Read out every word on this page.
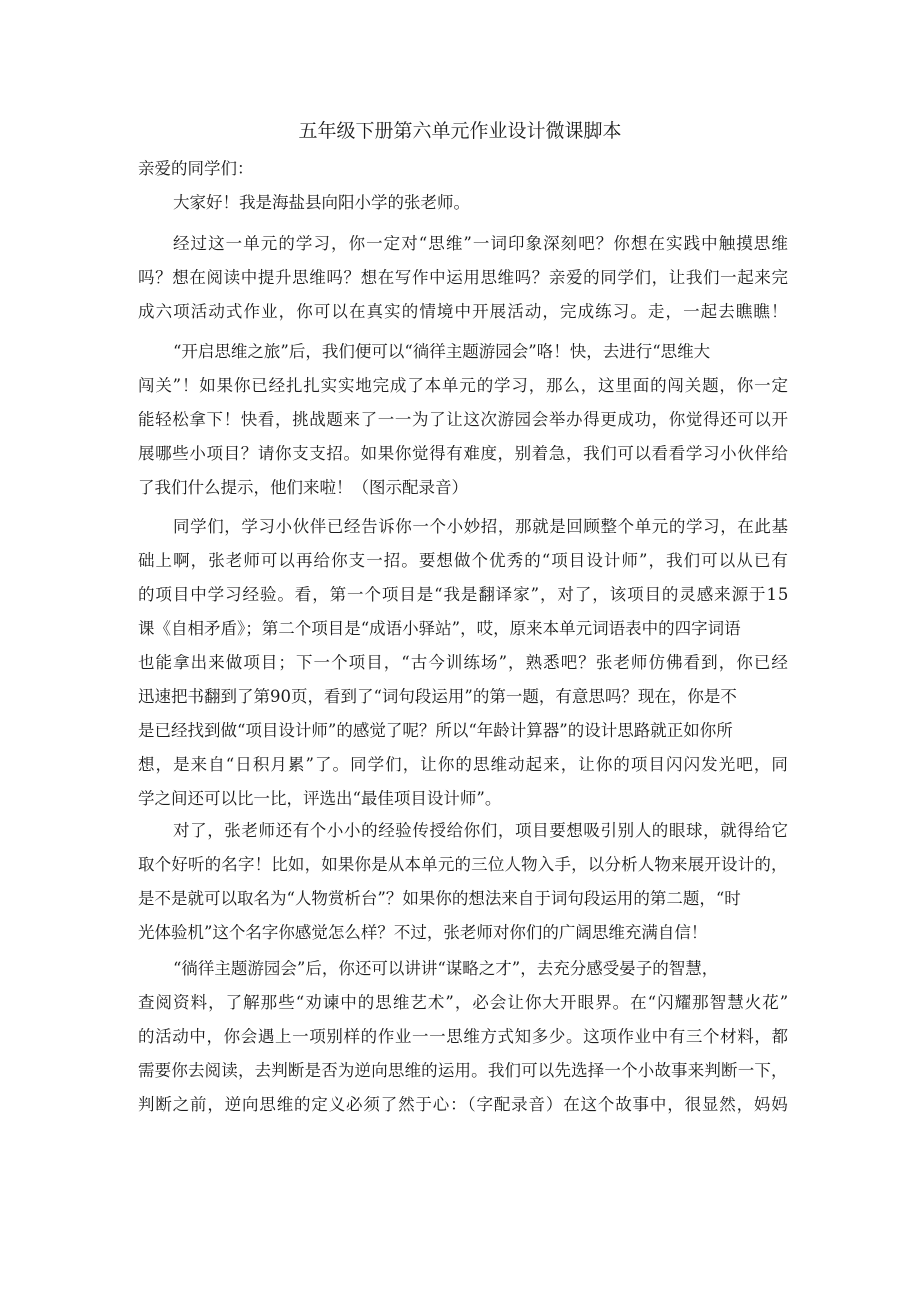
五年级下册第六单元作业设计微课脚本
亲爱的同学们：
大家好！我是海盐县向阳小学的张老师。
经过这一单元的学习，你一定对“思维”一词印象深刻吧？你想在实践中触摸思维
吗？想在阅读中提升思维吗？想在写作中运用思维吗？亲爱的同学们，让我们一起来完
成六项活动式作业，你可以在真实的情境中开展活动，完成练习。走，一起去瞧瞧！
“开启思维之旅”后，我们便可以“徜徉主题游园会”咯！快，去进行“思维大
闯关”！如果你已经扎扎实实地完成了本单元的学习，那么，这里面的闯关题，你一定
能轻松拿下！快看，挑战题来了一一为了让这次游园会举办得更成功，你觉得还可以开
展哪些小项目？请你支支招。如果你觉得有难度，别着急，我们可以看看学习小伙伴给
了我们什么提示，他们来啦！（图示配录音）
同学们，学习小伙伴已经告诉你一个小妙招，那就是回顾整个单元的学习，在此基
础上啊，张老师可以再给你支一招。要想做个优秀的“项目设计师”，我们可以从已有
的项目中学习经验。看，第一个项目是“我是翻译家”，对了，该项目的灵感来源于15
课《自相矛盾》；第二个项目是“成语小驿站”，哎，原来本单元词语表中的四字词语
也能拿出来做项目；下一个项目，“古今训练场”，熟悉吧？张老师仿佛看到，你已经
迅速把书翻到了第90页，看到了“词句段运用”的第一题，有意思吗？现在，你是不
是已经找到做“项目设计师”的感觉了呢？所以“年龄计算器”的设计思路就正如你所
想，是来自“日积月累”了。同学们，让你的思维动起来，让你的项目闪闪发光吧，同
学之间还可以比一比，评选出“最佳项目设计师”。
对了，张老师还有个小小的经验传授给你们，项目要想吸引别人的眼球，就得给它
取个好听的名字！比如，如果你是从本单元的三位人物入手，以分析人物来展开设计的，
是不是就可以取名为“人物赏析台”？如果你的想法来自于词句段运用的第二题，“时
光体验机”这个名字你感觉怎么样？不过，张老师对你们的广阔思维充满自信！
“徜徉主题游园会”后，你还可以讲讲“谋略之才”，去充分感受晏子的智慧，
查阅资料，了解那些“劝谏中的思维艺术”，必会让你大开眼界。在“闪耀那智慧火花”
的活动中，你会遇上一项别样的作业一一思维方式知多少。这项作业中有三个材料，都
需要你去阅读，去判断是否为逆向思维的运用。我们可以先选择一个小故事来判断一下，
判断之前，逆向思维的定义必须了然于心：（字配录音）在这个故事中，很显然，妈妈
